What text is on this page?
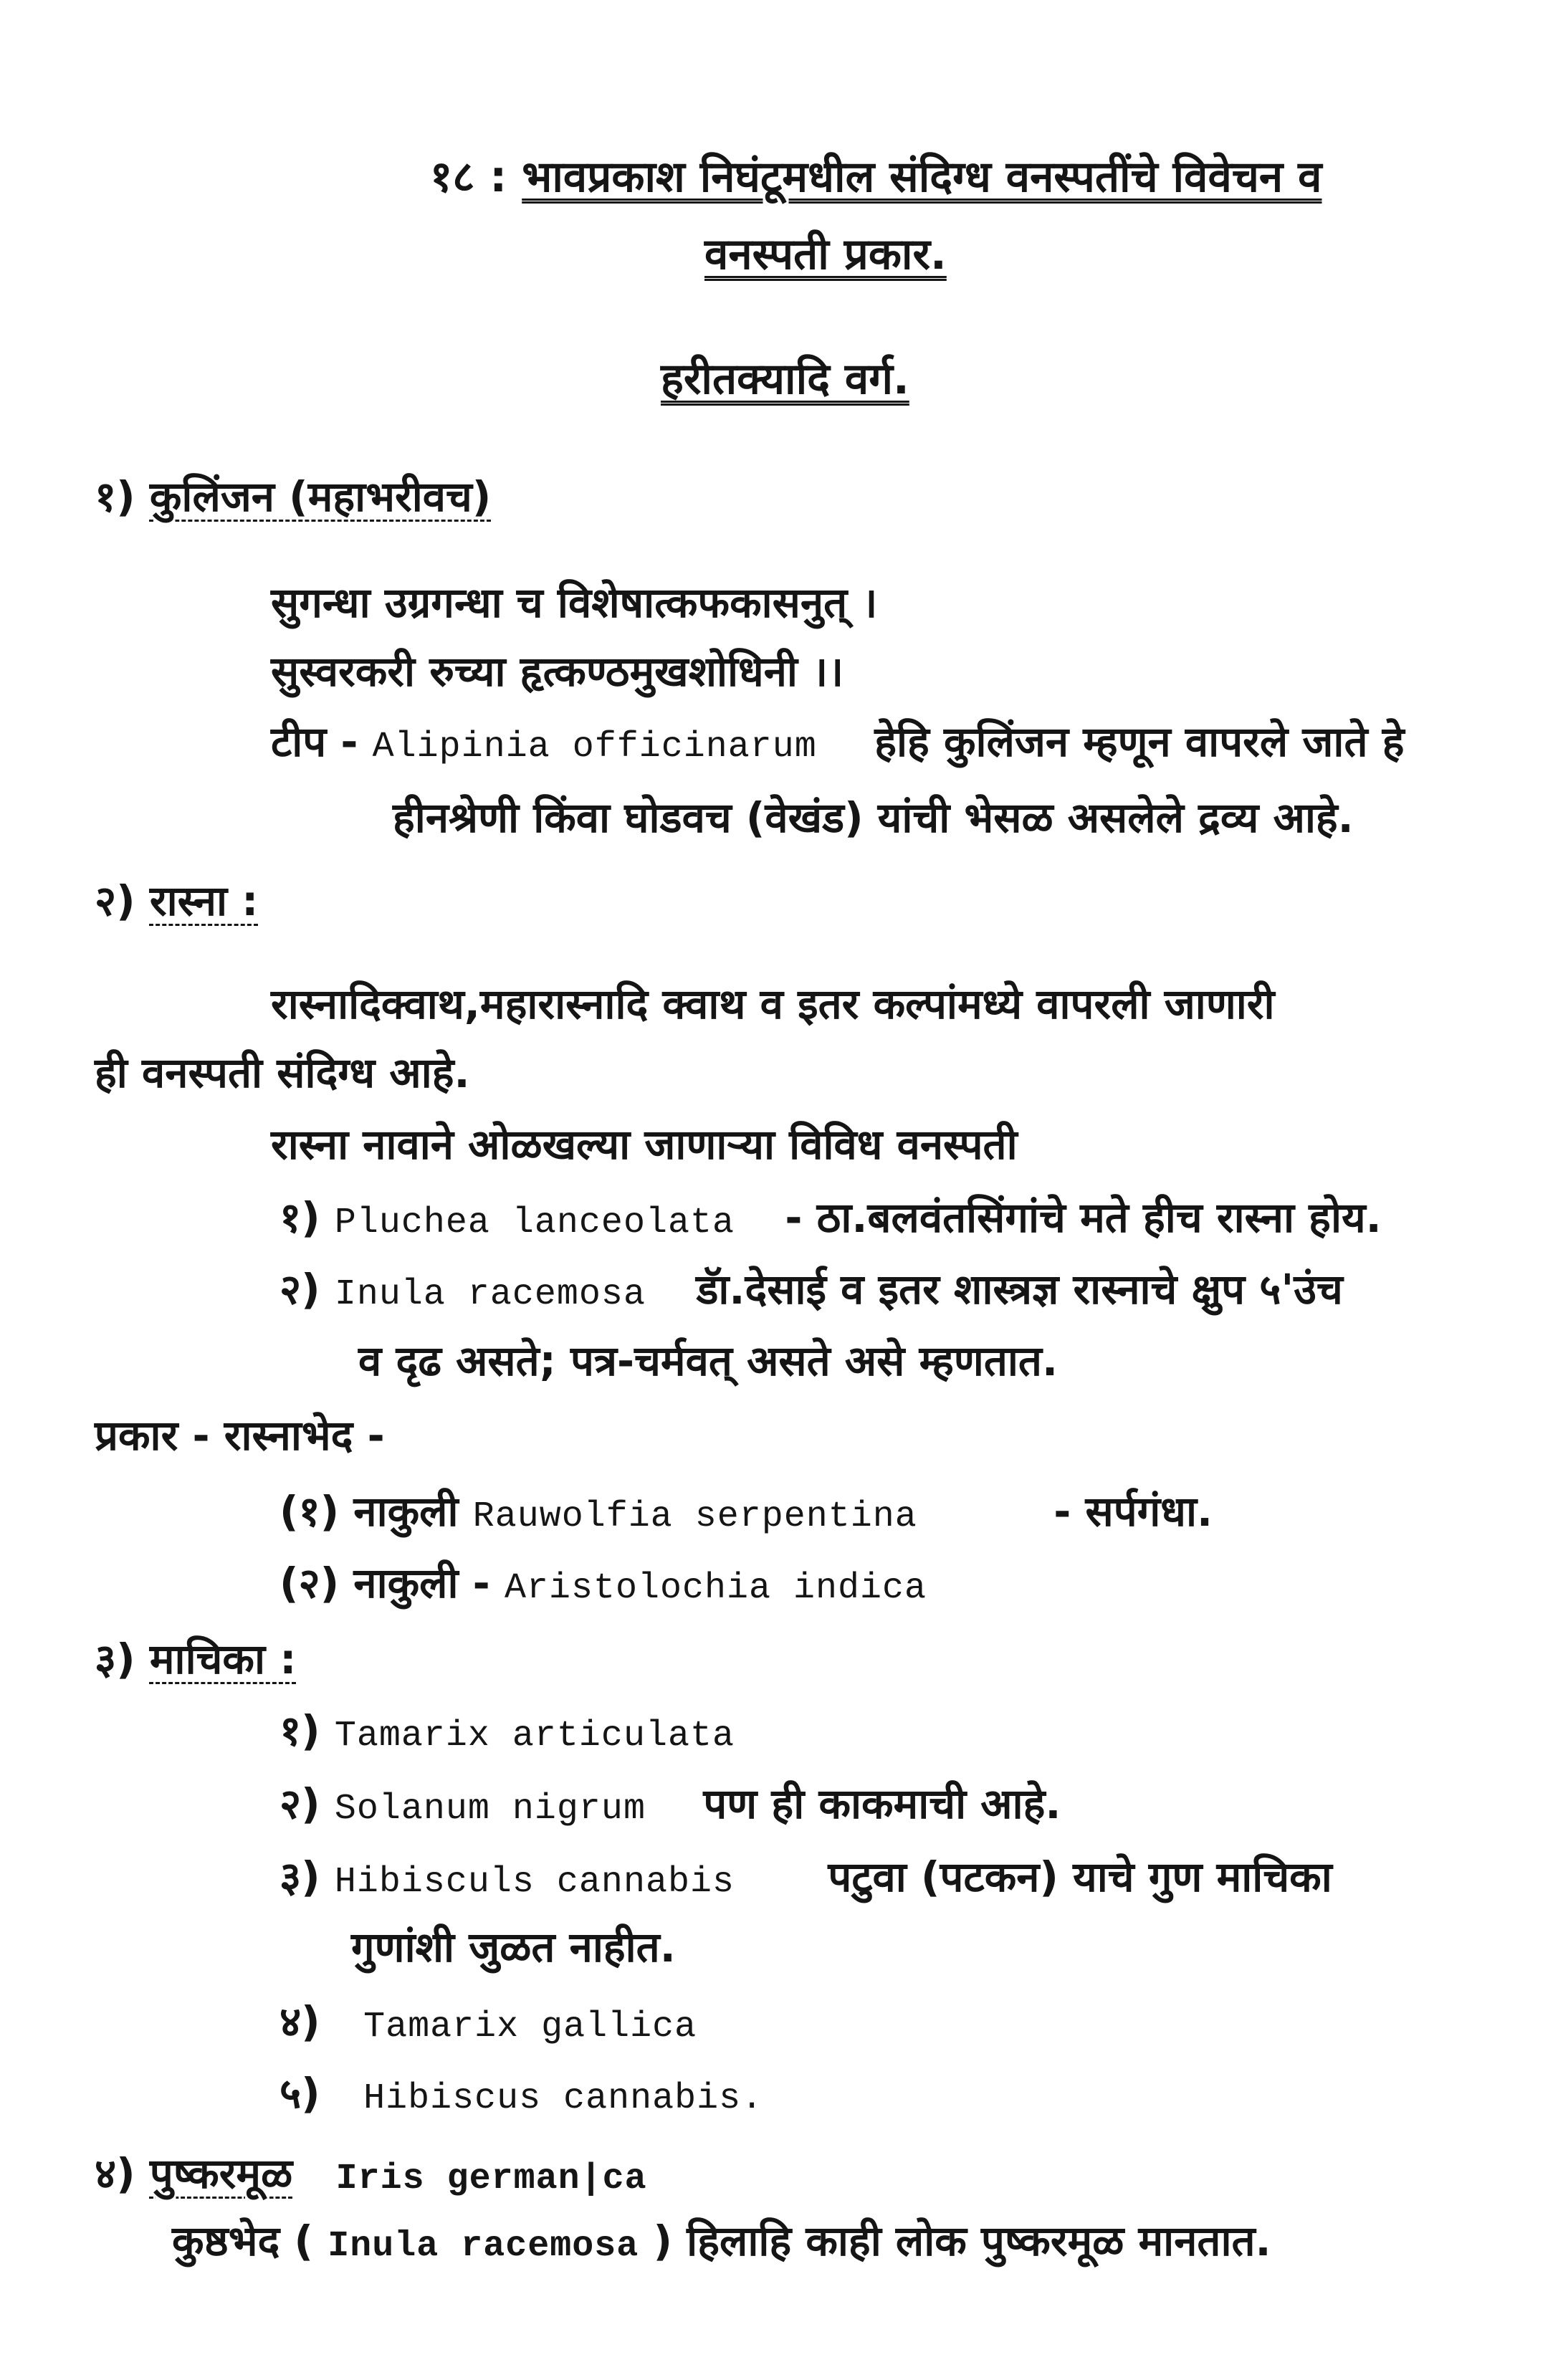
१८ : भावप्रकाश निघंटूमधील संदिग्ध वनस्पतींचे विवेचन व
वनस्पती प्रकार.
हरीतक्यादि वर्ग.
१) कुलिंजन (महाभरीवच)
सुगन्धा उग्रगन्धा च विशेषात्कफकासनुत् ।
सुस्वरकरी रुच्या हृत्कण्ठमुखशोधिनी ।।
टीप - Alipinia officinarum हेहि कुलिंजन म्हणून वापरले जाते हे
हीनश्रेणी किंवा घोडवच (वेखंड) यांची भेसळ असलेले द्रव्य आहे.
२) रास्ना :
रास्नादिक्वाथ,महारास्नादि क्वाथ व इतर कल्पांमध्ये वापरली जाणारी
ही वनस्पती संदिग्ध आहे.
रास्ना नावाने ओळखल्या जाणाऱ्या विविध वनस्पती
१) Pluchea lanceolata - ठा.बलवंतसिंगांचे मते हीच रास्ना होय.
२) Inula racemosa डॅा.देसाई व इतर शास्त्रज्ञ रास्नाचे क्षुप ५'उंच
व दृढ असते; पत्र-चर्मवत् असते असे म्हणतात.
प्रकार - रास्नाभेद -
(१) नाकुली Rauwolfia serpentina	- सर्पगंधा.
(२) नाकुली - Aristolochia indica
३) माचिका :
१) Tamarix articulata
२) Solanum nigrum पण ही काकमाची आहे.
३) Hibisculs cannabis पटुवा (पटकन) याचे गुण माचिका
गुणांशी जुळत नाहीत.
४) Tamarix gallica
५) Hibiscus cannabis.
४) पुष्करमूळ Iris german|ca
कुष्ठभेद ( Inula racemosa ) हिलाहि काही लोक पुष्करमूळ मानतात.
